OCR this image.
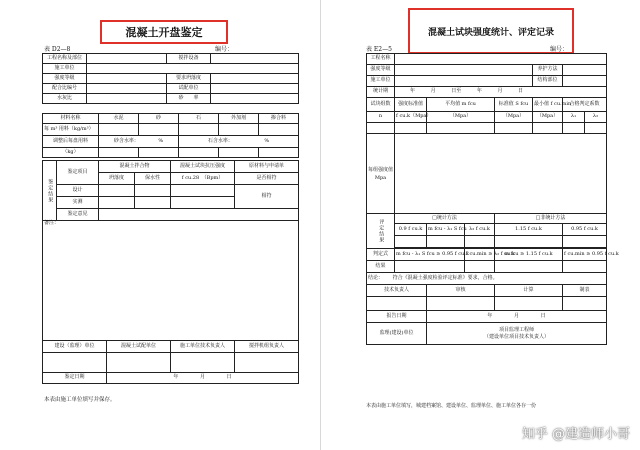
混凝土开盘鉴定
表 D2—8	编号：
工程名称及部位		搅拌设备	
施工单位			
强度等级		要求坍落度	
配合比编号		试配单位	
水灰比		砂　　率	
材料名称	水泥	砂	石	外加剂	掺合料
每 m³ 用料（kg/m³）					
调整后每盘用料	砂含水率： %		石含水率： %		
（kg）					
鉴定结果	鉴定项目	混凝土拌合物		混凝土试块抗压强度	原材料与申请单
		坍落度	保水性	f cu.28　（Bpm）	是否相符
	设计				相符
	实测				
	鉴定意见				
备注：			
建设（监理）单位	混凝土试配单位	施工单位技术负责人	搅拌机组负责人

鉴定日期	年 月 日		
本表由施工单位填写并保存。
混凝土试块强度统计、评定记录
表 E2—5	编号：
工程名称							
强度等级					养护方法		
施工单位					结构部位		
统计期	年 月 日至 年 月 日						
试块组数	强度标准值	平均值 m fcu		标准值 S fcu	最小值 f cu.min	合格判定系数	
n	f cu.k（Mpa）	（Mpa）		（Mpa）	（Mpa）	λ₁	λ₂

每组强度值 Mpa							
评定结果	□统计方法			□非统计方法			
	0.9 f cu.k	m fcu - λ₁ S fcu	λ₂ f cu.k	1.15 f cu.k		0.95 f cu.k	

判定式	m fcu - λ₁ S fcu ≥ 0.95 f cu.k		f cu.min ≥ λ₂ f cu.k	m fcu ≥ 1.15 f cu.k		f cu.min ≥ 0.95 f cu.k	
结果							
结论： 符合《混凝土强度检验评定标准》要求，合格。							
技术负责人		审核		计算		制表	

报告日期		年 月 日					
监理(建设)单位		项目监理工程师
（建设单位项目技术负责人）					
本表由施工单位填写，城建档案馆、建设单位、监理单位、施工单位各存一份
知乎 @建造师小哥
